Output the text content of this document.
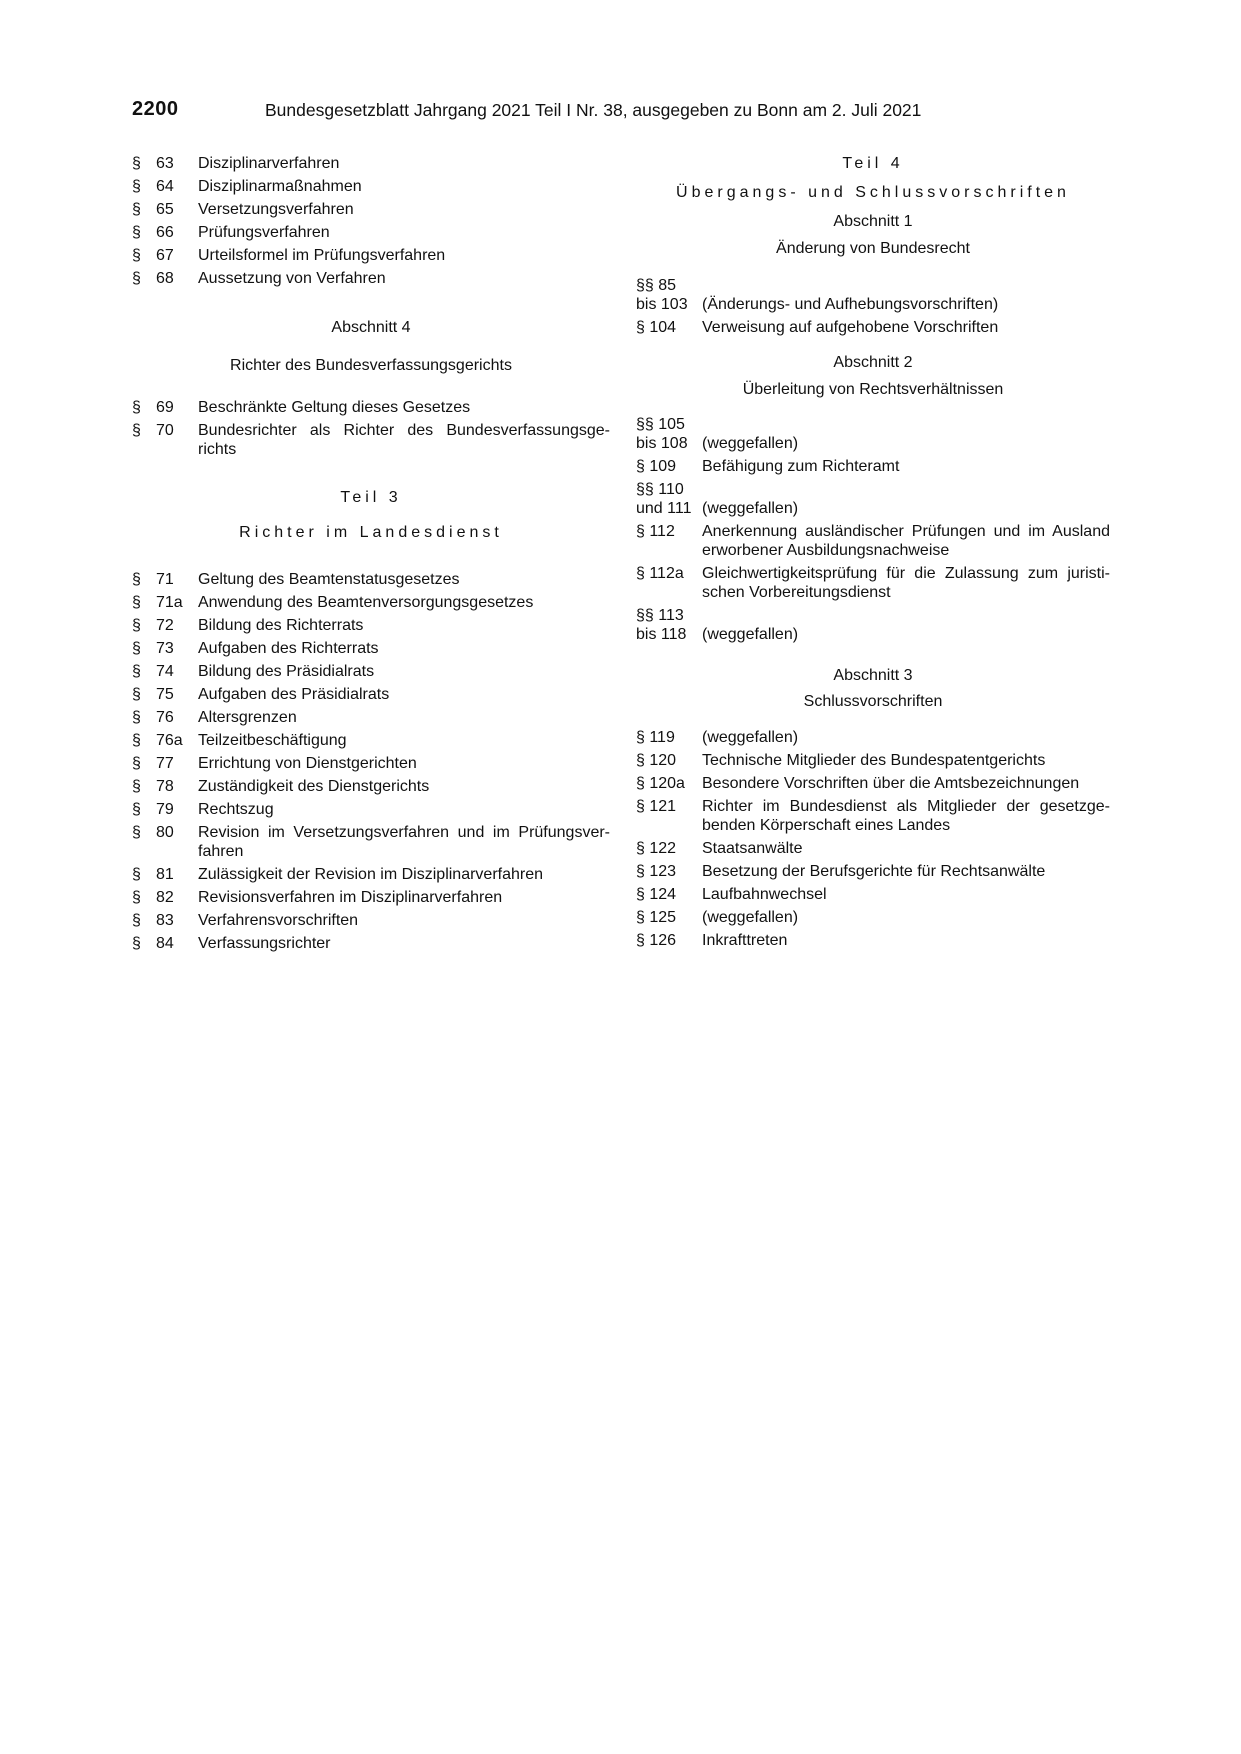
2200	Bundesgesetzblatt Jahrgang 2021 Teil I Nr. 38, ausgegeben zu Bonn am 2. Juli 2021
§ 63	Disziplinarverfahren
§ 64	Disziplinarmaßnahmen
§ 65	Versetzungsverfahren
§ 66	Prüfungsverfahren
§ 67	Urteilsformel im Prüfungsverfahren
§ 68	Aussetzung von Verfahren
Abschnitt 4
Richter des Bundesverfassungsgerichts
§ 69	Beschränkte Geltung dieses Gesetzes
§ 70	Bundesrichter als Richter des Bundesverfassungsge-richts
Teil 3
Richter im Landesdienst
§ 71	Geltung des Beamtenstatusgesetzes
§ 71a Anwendung des Beamtenversorgungsgesetzes
§ 72	Bildung des Richterrats
§ 73	Aufgaben des Richterrats
§ 74	Bildung des Präsidialrats
§ 75	Aufgaben des Präsidialrats
§ 76	Altersgrenzen
§ 76a Teilzeitbeschäftigung
§ 77	Errichtung von Dienstgerichten
§ 78	Zuständigkeit des Dienstgerichts
§ 79	Rechtszug
§ 80	Revision im Versetzungsverfahren und im Prüfungsver-fahren
§ 81	Zulässigkeit der Revision im Disziplinarverfahren
§ 82	Revisionsverfahren im Disziplinarverfahren
§ 83	Verfahrensvorschriften
§ 84	Verfassungsrichter
Teil 4
Übergangs- und Schlussvorschriften
Abschnitt 1
Änderung von Bundesrecht
§§ 85
bis 103 (Änderungs- und Aufhebungsvorschriften)
§ 104	Verweisung auf aufgehobene Vorschriften
Abschnitt 2
Überleitung von Rechtsverhältnissen
§§ 105
bis 108 (weggefallen)
§ 109	Befähigung zum Richteramt
§§ 110
und 111 (weggefallen)
§ 112	Anerkennung ausländischer Prüfungen und im Ausland erworbener Ausbildungsnachweise
§ 112a	Gleichwertigkeitsprüfung für die Zulassung zum juristi-schen Vorbereitungsdienst
§§ 113
bis 118 (weggefallen)
Abschnitt 3
Schlussvorschriften
§ 119	(weggefallen)
§ 120	Technische Mitglieder des Bundespatentgerichts
§ 120a	Besondere Vorschriften über die Amtsbezeichnungen
§ 121	Richter im Bundesdienst als Mitglieder der gesetzge-benden Körperschaft eines Landes
§ 122	Staatsanwälte
§ 123	Besetzung der Berufsgerichte für Rechtsanwälte
§ 124	Laufbahnwechsel
§ 125	(weggefallen)
§ 126	Inkrafttreten
